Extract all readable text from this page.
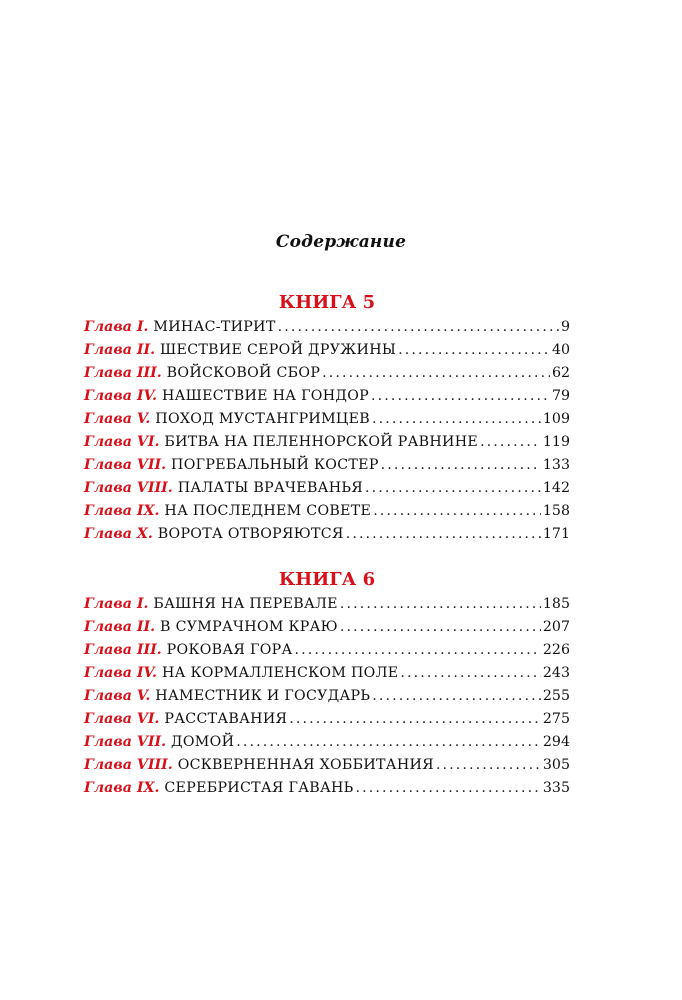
Содержание
КНИГА 5
Глава I. МИНАС-ТИРИТ . . .	9
Глава II. ШЕСТВИЕ СЕРОЙ ДРУЖИНЫ . . .	40
Глава III. ВОЙСКОВОЙ СБОР . . .	62
Глава IV. НАШЕСТВИЕ НА ГОНДОР . . .	79
Глава V. ПОХОД МУСТАНГРИМЦЕВ . . .	109
Глава VI. БИТВА НА ПЕЛЕННОРСКОЙ РАВНИНЕ . . .	119
Глава VII. ПОГРЕБАЛЬНЫЙ КОСТЕР . . .	133
Глава VIII. ПАЛАТЫ ВРАЧЕВАНЬЯ . . .	142
Глава IX. НА ПОСЛЕДНЕМ СОВЕТЕ . . .	158
Глава X. ВОРОТА ОТВОРЯЮТСЯ . . .	171
КНИГА 6
Глава I. БАШНЯ НА ПЕРЕВАЛЕ . . .	185
Глава II. В СУМРАЧНОМ КРАЮ . . .	207
Глава III. РОКОВАЯ ГОРА . . .	226
Глава IV. НА КОРМАЛЛЕНСКОМ ПОЛЕ . . .	243
Глава V. НАМЕСТНИК И ГОСУДАРЬ . . .	255
Глава VI. РАССТАВАНИЯ . . .	275
Глава VII. ДОМОЙ . . .	294
Глава VIII. ОСКВЕРНЕННАЯ ХОББИТАНИЯ . . .	305
Глава IX. СЕРЕБРИСТАЯ ГАВАНЬ . . .	335
